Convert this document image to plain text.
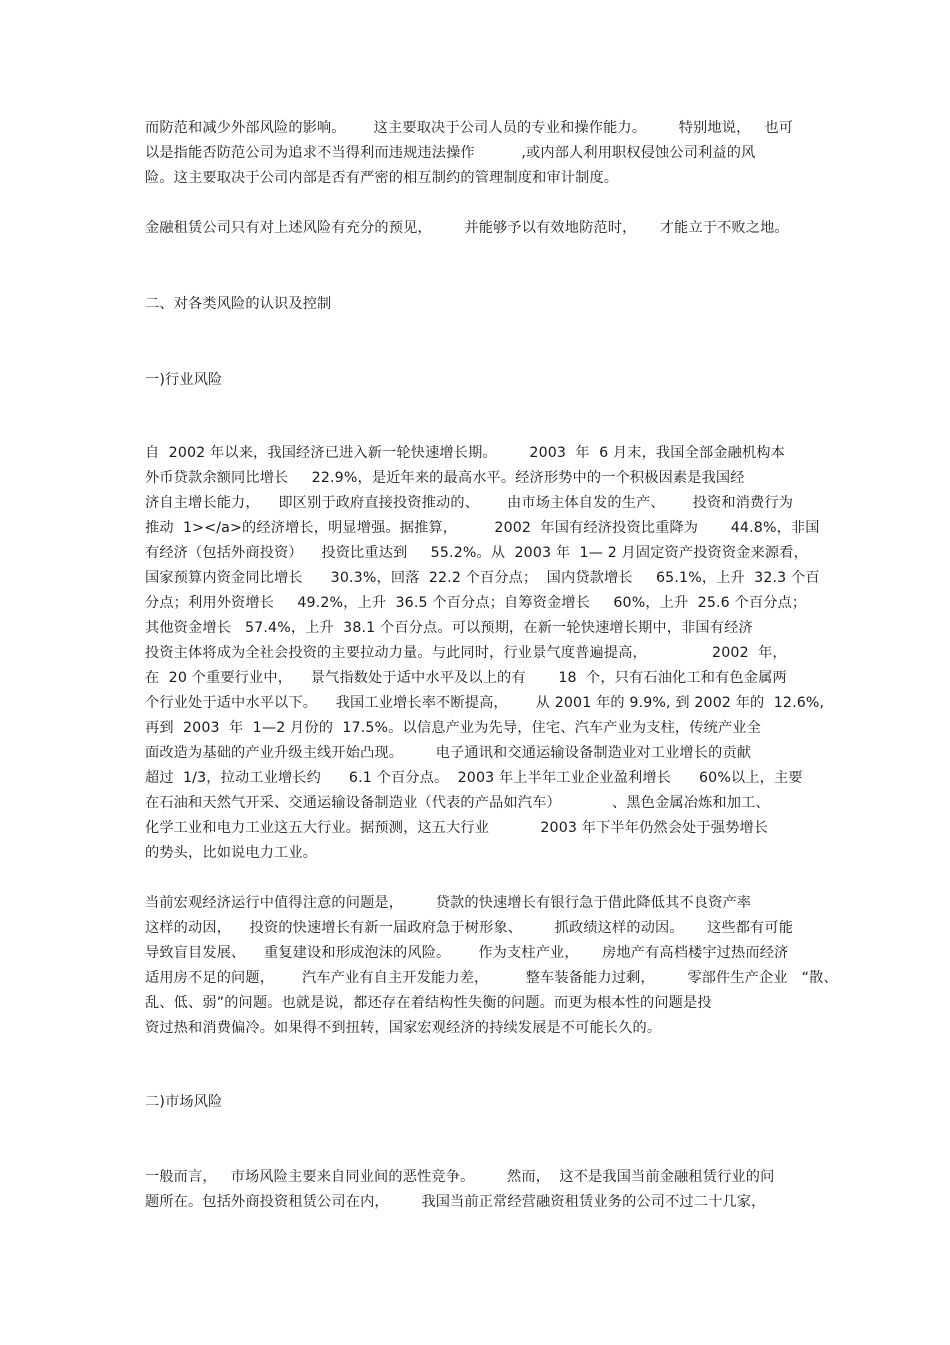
而防范和减少外部风险的影响。      这主要取决于公司人员的专业和操作能力。       特别地说，   也可
以是指能否防范公司为追求不当得利而违规违法操作          ,或内部人利用职权侵蚀公司利益的风
险。这主要取决于公司内部是否有严密的相互制约的管理制度和审计制度。
金融租赁公司只有对上述风险有充分的预见，       并能够予以有效地防范时，     才能立于不败之地。
二、对各类风险的认识及控制
一)行业风险
自  2002 年以来，我国经济已进入新一轮快速增长期。       2003  年  6 月末，我国全部金融机构本
外币贷款余额同比增长     22.9%，是近年来的最高水平。经济形势中的一个积极因素是我国经
济自主增长能力，    即区别于政府直接投资推动的、      由市场主体自发的生产、      投资和消费行为
推动  1></a>的经济增长，明显增强。据推算，        2002  年国有经济投资比重降为       44.8%，非国
有经济（包括外商投资）    投资比重达到     55.2%。从  2003 年  1— 2 月固定资产投资资金来源看，
国家预算内资金同比增长      30.3%，回落  22.2 个百分点；  国内贷款增长     65.1%，上升  32.3 个百
分点；利用外资增长     49.2%，上升  36.5 个百分点；自筹资金增长     60%，上升  25.6 个百分点；
其他资金增长   57.4%，上升  38.1 个百分点。可以预期，在新一轮快速增长期中，非国有经济
投资主体将成为全社会投资的主要拉动力量。与此同时，行业景气度普遍提高，              2002  年，
在  20 个重要行业中，    景气指数处于适中水平及以上的有       18  个，只有石油化工和有色金属两
个行业处于适中水平以下。    我国工业增长率不断提高，      从 2001 年的 9.9%, 到 2002 年的  12.6%,
再到  2003  年  1—2 月份的  17.5%。以信息产业为先导，住宅、汽车产业为支柱，传统产业全
面改造为基础的产业升级主线开始凸现。       电子通讯和交通运输设备制造业对工业增长的贡献
超过  1/3，拉动工业增长约      6.1 个百分点。  2003 年上半年工业企业盈利增长      60%以上，主要
在石油和天然气开采、交通运输设备制造业（代表的产品如汽车）           、黑色金属冶炼和加工、
化学工业和电力工业这五大行业。据预测，这五大行业           2003 年下半年仍然会处于强势增长
的势头，比如说电力工业。
当前宏观经济运行中值得注意的问题是，       贷款的快速增长有银行急于借此降低其不良资产率
这样的动因，    投资的快速增长有新一届政府急于树形象、       抓政绩这样的动因。     这些都有可能
导致盲目发展、    重复建设和形成泡沫的风险。      作为支柱产业，     房地产有高档楼宇过热而经济
适用房不足的问题，      汽车产业有自主开发能力差，        整车装备能力过剩，       零部件生产企业   “散、
乱、低、弱”的问题。也就是说，都还存在着结构性失衡的问题。而更为根本性的问题是投
资过热和消费偏冷。如果得不到扭转，国家宏观经济的持续发展是不可能长久的。
二)市场风险
一般而言，   市场风险主要来自同业间的恶性竞争。       然而，  这不是我国当前金融租赁行业的问
题所在。包括外商投资租赁公司在内，       我国当前正常经营融资租赁业务的公司不过二十几家，
